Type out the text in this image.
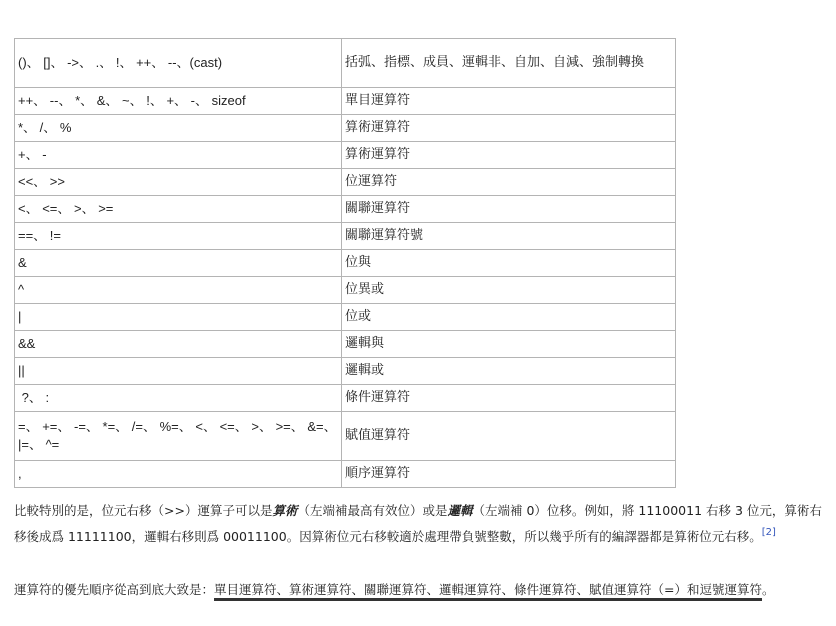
()、 []、 ->、 .、 !、 ++、 --、(cast)	括弧、指標、成員、運輯非、自加、自減、強制轉換
++、 --、 *、 &、 ~、 !、 +、 -、 sizeof	單目運算符
*、 /、 %	算術運算符
+、 -	算術運算符
<<、 >>	位運算符
<、 <=、 >、 >=	關聯運算符
==、 !=	關聯運算符號
&	位與
^	位異或
|	位或
&&	邏輯與
||	邏輯或
?、 :	條件運算符
=、 +=、 -=、 *=、 /=、 %=、 <、 <=、 >、 >=、 &=、 |=、 ^=	賦值運算符
,	順序運算符
比較特別的是，位元右移（>>）運算子可以是算術（左端補最高有效位）或是邏輯（左端補 0）位移。例如，將 11100011 右移 3 位元，算術右移後成爲 11111100，邏輯右移則爲 00011100。因算術位元右移較適於處理帶負號整數，所以幾乎所有的編譯器都是算術位元右移。[2]
運算符的優先順序從高到底大致是：單目運算符、算術運算符、關聯運算符、邏輯運算符、條件運算符、賦值運算符（=）和逗號運算符。
